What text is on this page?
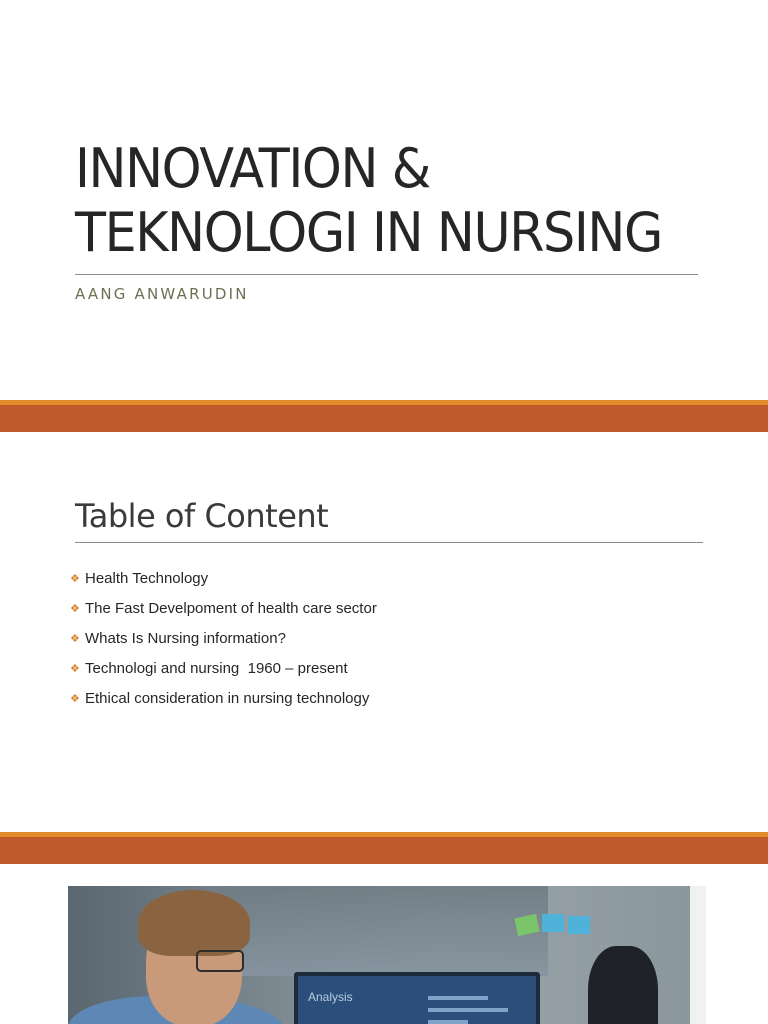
INNOVATION &
TEKNOLOGI IN NURSING
AANG ANWARUDIN
Table of Content
❖ Health Technology
❖ The Fast Develpoment of health care sector
❖ Whats Is Nursing information?
❖ Technologi and nursing  1960 – present
❖ Ethical consideration in nursing technology
Analysis
